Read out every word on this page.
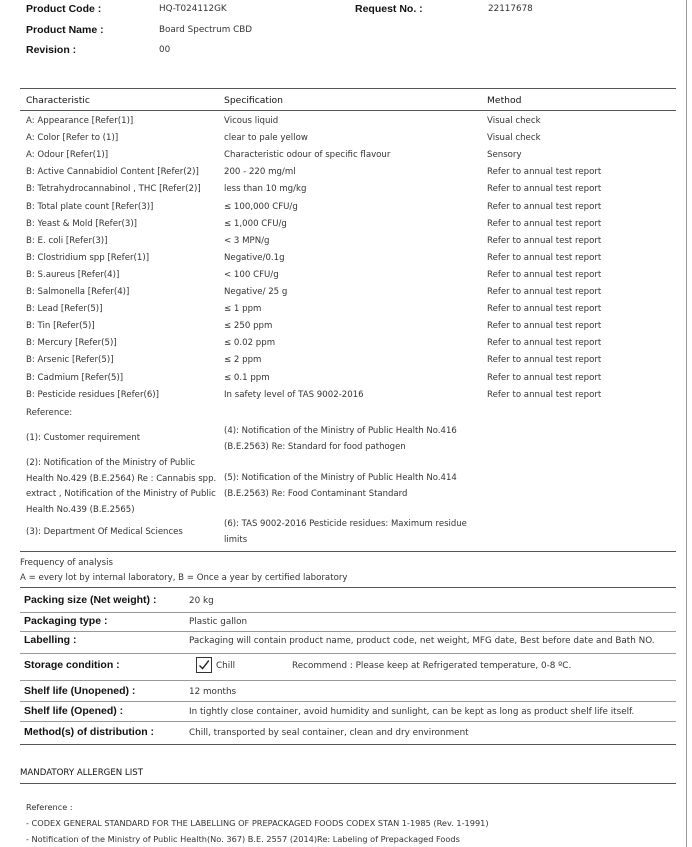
Product Code :	HQ-T024112GK	Request No. :	22117678
Product Name :	Board Spectrum CBD
Revision :	00
Characteristic	Specification	Method
A: Appearance [Refer(1)]	Vicous liquid	Visual check
A: Color [Refer to (1)]	clear to pale yellow	Visual check
A: Odour [Refer(1)]	Characteristic odour of specific flavour	Sensory
B: Active Cannabidiol Content [Refer(2)]	200 - 220 mg/ml	Refer to annual test report
B: Tetrahydrocannabinol , THC [Refer(2)]	less than 10 mg/kg	Refer to annual test report
B: Total plate count [Refer(3)]	≤ 100,000 CFU/g	Refer to annual test report
B: Yeast & Mold [Refer(3)]	≤ 1,000 CFU/g	Refer to annual test report
B: E. coli [Refer(3)]	< 3 MPN/g	Refer to annual test report
B: Clostridium spp [Refer(1)]	Negative/0.1g	Refer to annual test report
B: S.aureus [Refer(4)]	< 100 CFU/g	Refer to annual test report
B: Salmonella [Refer(4)]	Negative/ 25 g	Refer to annual test report
B: Lead [Refer(5)]	≤ 1 ppm	Refer to annual test report
B: Tin [Refer(5)]	≤ 250 ppm	Refer to annual test report
B: Mercury [Refer(5)]	≤ 0.02 ppm	Refer to annual test report
B: Arsenic [Refer(5)]	≤ 2 ppm	Refer to annual test report
B: Cadmium [Refer(5)]	≤ 0.1 ppm	Refer to annual test report
B: Pesticide residues [Refer(6)]	In safety level of TAS 9002-2016	Refer to annual test report
Reference:
(1): Customer requirement
(4): Notification of the Ministry of Public Health No.416 (B.E.2563) Re: Standard for food pathogen
(2): Notification of the Ministry of Public Health No.429 (B.E.2564) Re : Cannabis spp. extract , Notification of the Ministry of Public Health No.439 (B.E.2565)
(5): Notification of the Ministry of Public Health No.414 (B.E.2563) Re: Food Contaminant Standard
(3): Department Of Medical Sciences
(6): TAS 9002-2016 Pesticide residues: Maximum residue limits
Frequency of analysis
A = every lot by internal laboratory, B = Once a year by certified laboratory
Packing size (Net weight) :	20 kg
Packaging type :	Plastic gallon
Labelling :	Packaging will contain product name, product code, net weight, MFG date, Best before date and Bath NO.
Storage condition :	Chill	Recommend : Please keep at Refrigerated temperature, 0-8 ºC.
Shelf life (Unopened) :	12 months
Shelf life (Opened) :	In tightly close container, avoid humidity and sunlight, can be kept as long as product shelf life itself.
Method(s) of distribution :	Chill, transported by seal container, clean and dry environment
MANDATORY ALLERGEN LIST
Reference :
- CODEX GENERAL STANDARD FOR THE LABELLING OF PREPACKAGED FOODS CODEX STAN 1-1985 (Rev. 1-1991)
- Notification of the Ministry of Public Health(No. 367) B.E. 2557 (2014)Re: Labeling of Prepackaged Foods
